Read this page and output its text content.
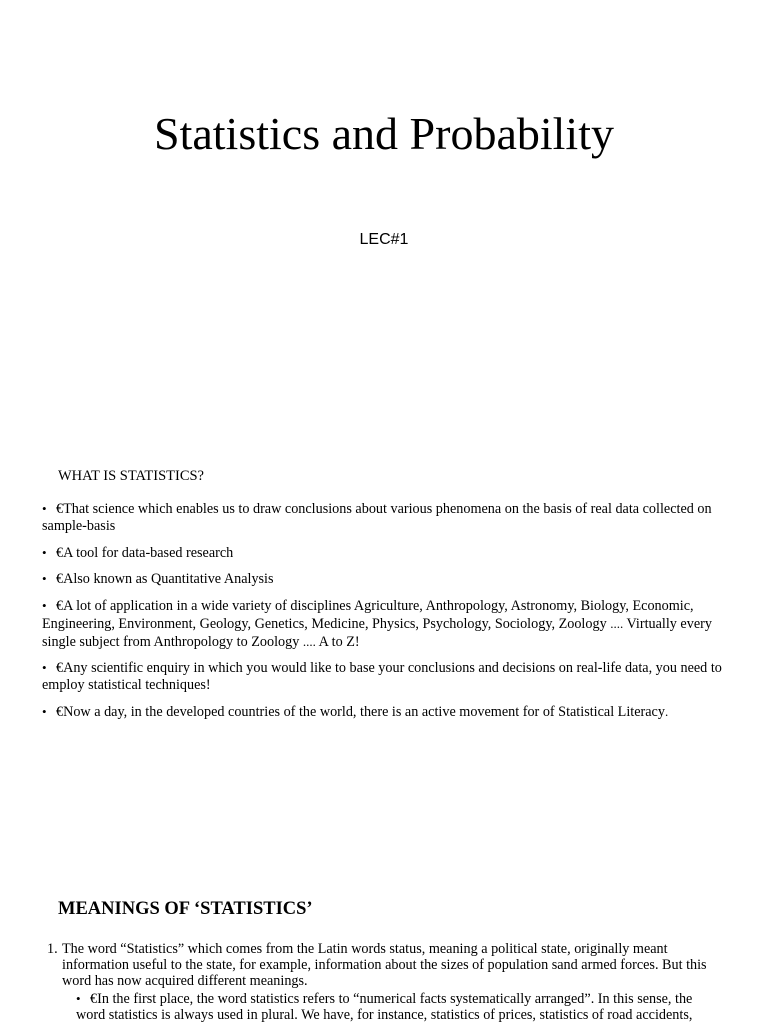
Statistics and Probability
LEC#1
WHAT IS STATISTICS?
• €That science which enables us to draw conclusions about various phenomena on the basis of real data collected on sample-basis
• €A tool for data-based research
• €Also known as Quantitative Analysis
• €A lot of application in a wide variety of disciplines Agriculture, Anthropology, Astronomy, Biology, Economic, Engineering, Environment, Geology, Genetics, Medicine, Physics, Psychology, Sociology, Zoology .... Virtually every single subject from Anthropology to Zoology .... A to Z!
• €Any scientific enquiry in which you would like to base your conclusions and decisions on real-life data, you need to employ statistical techniques!
• €Now a day, in the developed countries of the world, there is an active movement for of Statistical Literacy.
MEANINGS OF ‘STATISTICS’
1. The word “Statistics” which comes from the Latin words status, meaning a political state, originally meant information useful to the state, for example, information about the sizes of population sand armed forces. But this word has now acquired different meanings.
• €In the first place, the word statistics refers to “numerical facts systematically arranged”. In this sense, the word statistics is always used in plural. We have, for instance, statistics of prices, statistics of road accidents,
